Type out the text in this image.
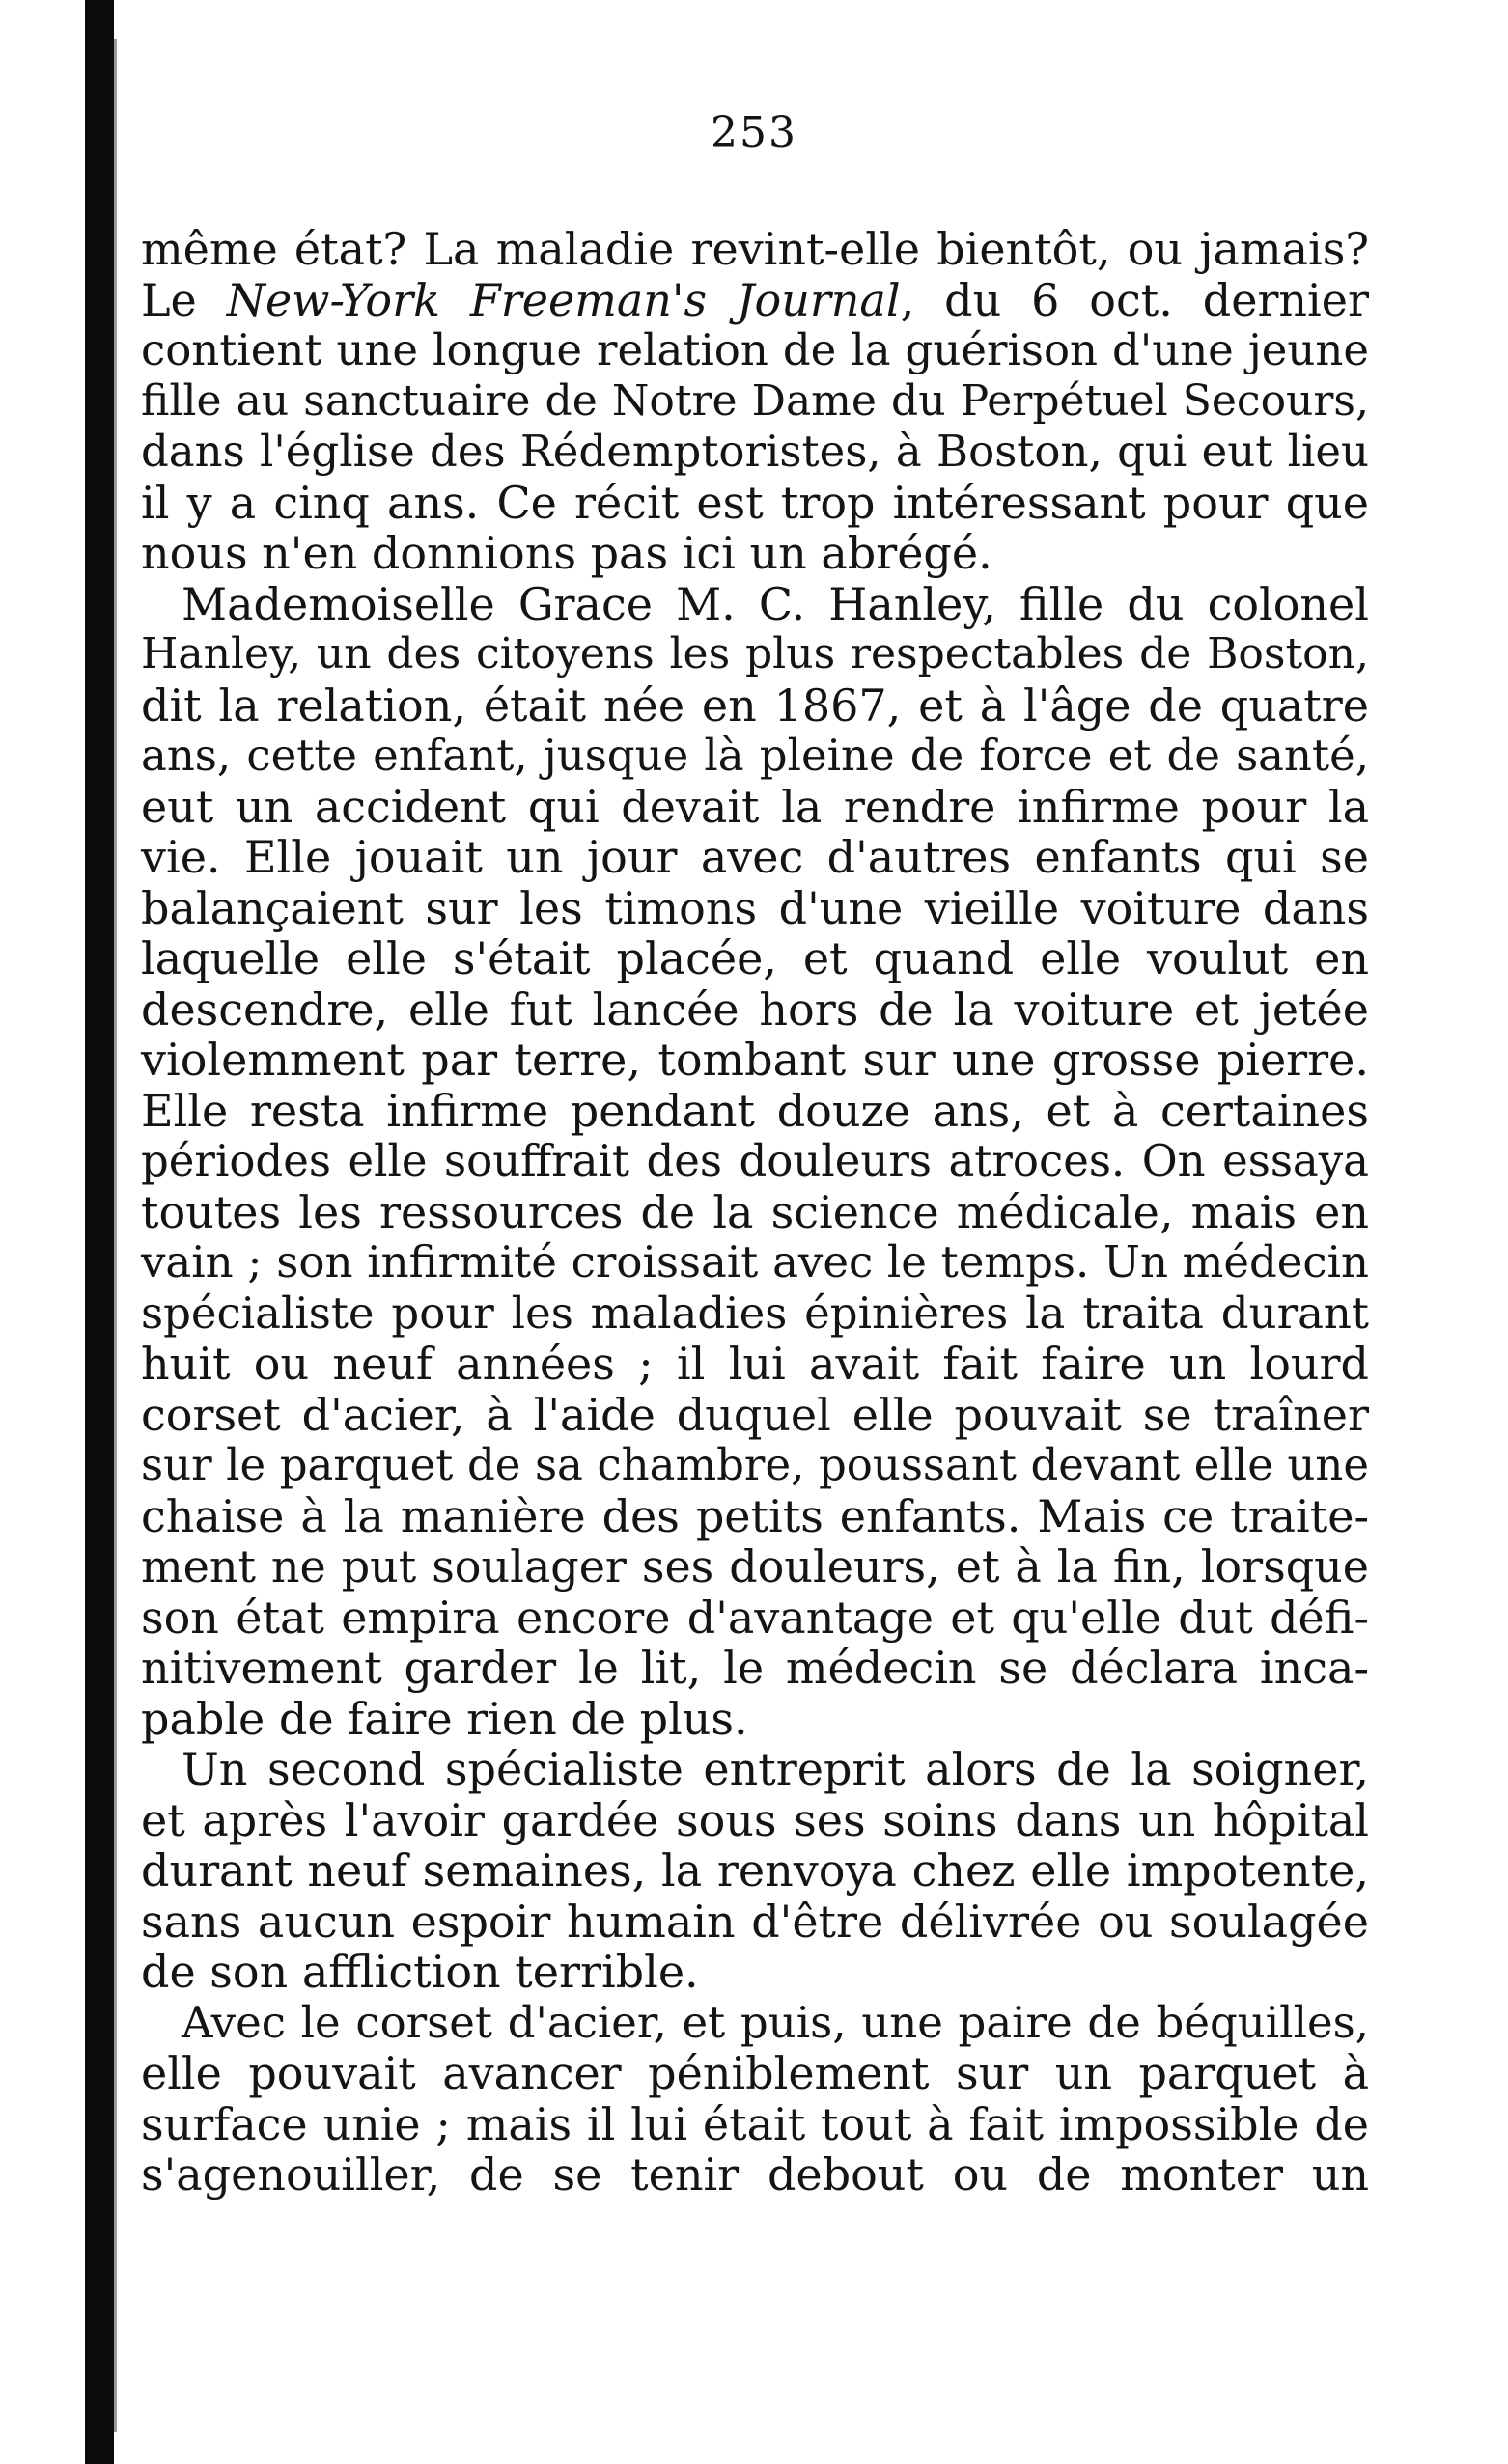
253
même état? La maladie revint-elle bientôt, ou jamais?
Le New-York Freeman's Journal, du 6 oct. dernier
contient une longue relation de la guérison d'une jeune
fille au sanctuaire de Notre Dame du Perpétuel Secours,
dans l'église des Rédemptoristes, à Boston, qui eut lieu
il y a cinq ans. Ce récit est trop intéressant pour que
nous n'en donnions pas ici un abrégé.
Mademoiselle Grace M. C. Hanley, fille du colonel
Hanley, un des citoyens les plus respectables de Boston,
dit la relation, était née en 1867, et à l'âge de quatre
ans, cette enfant, jusque là pleine de force et de santé,
eut un accident qui devait la rendre infirme pour la
vie. Elle jouait un jour avec d'autres enfants qui se
balançaient sur les timons d'une vieille voiture dans
laquelle elle s'était placée, et quand elle voulut en
descendre, elle fut lancée hors de la voiture et jetée
violemment par terre, tombant sur une grosse pierre.
Elle resta infirme pendant douze ans, et à certaines
périodes elle souffrait des douleurs atroces. On essaya
toutes les ressources de la science médicale, mais en
vain ; son infirmité croissait avec le temps. Un médecin
spécialiste pour les maladies épinières la traita durant
huit ou neuf années ; il lui avait fait faire un lourd
corset d'acier, à l'aide duquel elle pouvait se traîner
sur le parquet de sa chambre, poussant devant elle une
chaise à la manière des petits enfants. Mais ce traite-
ment ne put soulager ses douleurs, et à la fin, lorsque
son état empira encore d'avantage et qu'elle dut défi-
nitivement garder le lit, le médecin se déclara inca-
pable de faire rien de plus.
Un second spécialiste entreprit alors de la soigner,
et après l'avoir gardée sous ses soins dans un hôpital
durant neuf semaines, la renvoya chez elle impotente,
sans aucun espoir humain d'être délivrée ou soulagée
de son affliction terrible.
Avec le corset d'acier, et puis, une paire de béquilles,
elle pouvait avancer péniblement sur un parquet à
surface unie ; mais il lui était tout à fait impossible de
s'agenouiller, de se tenir debout ou de monter un
